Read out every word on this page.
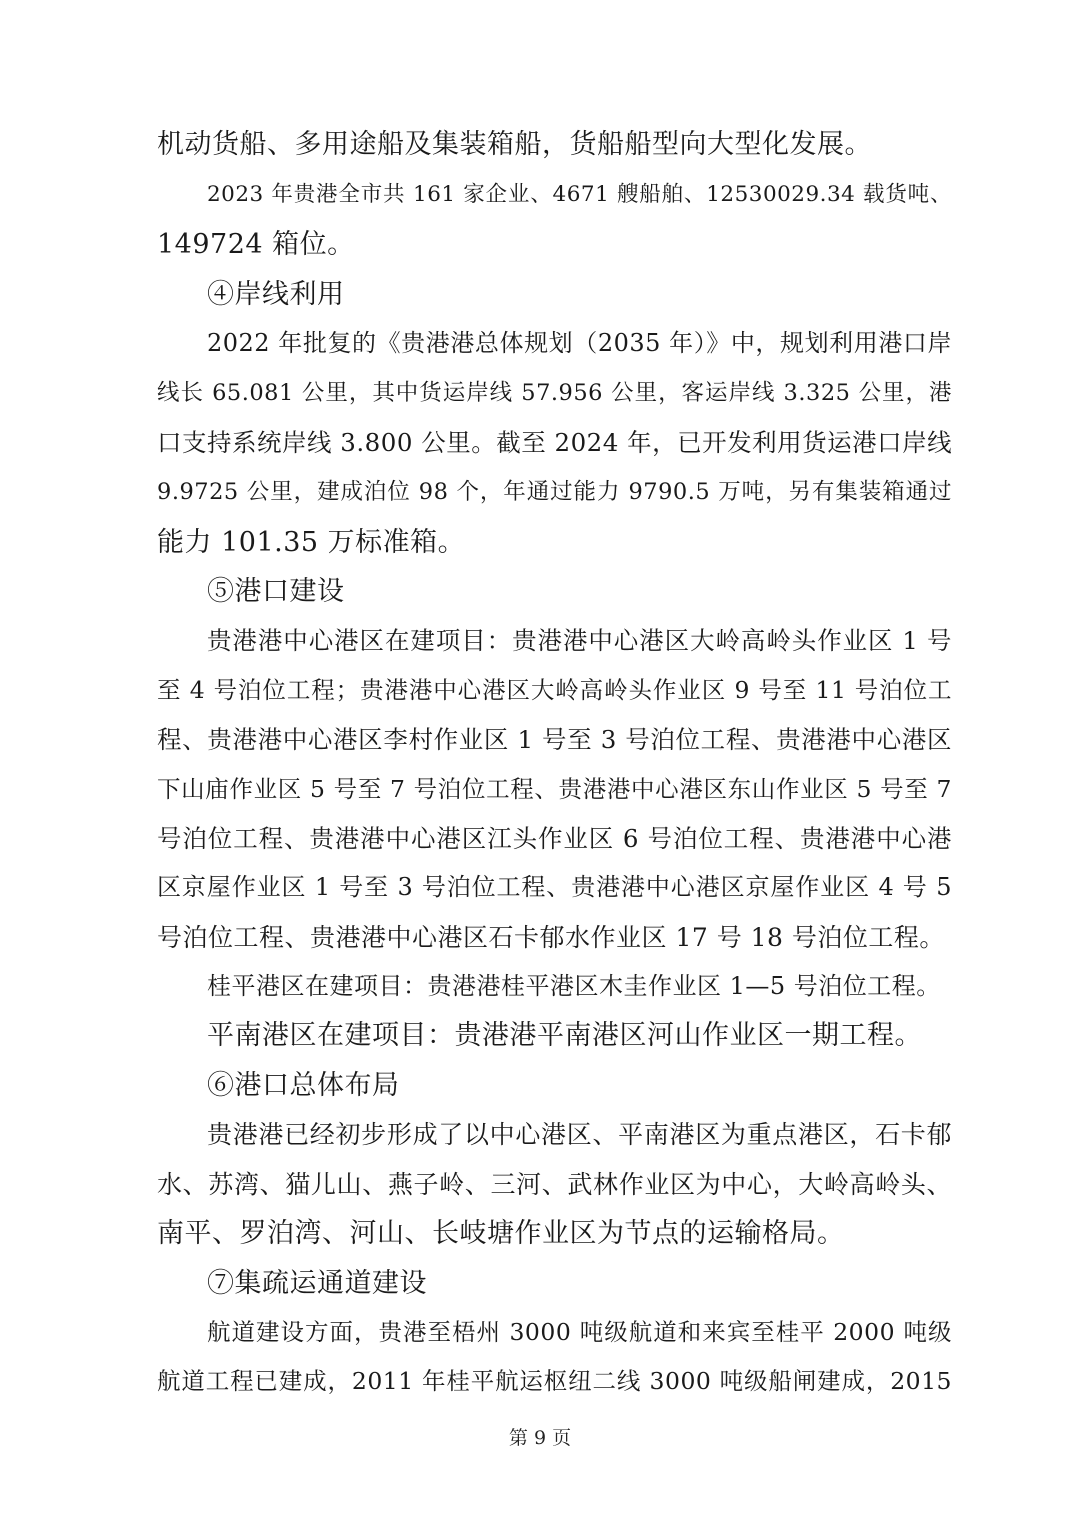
机动货船、多用途船及集装箱船，货船船型向大型化发展。
2023 年贵港全市共 161 家企业、4671 艘船舶、12530029.34 载货吨、
149724 箱位。
④岸线利用
2022 年批复的《贵港港总体规划（2035 年）》中，规划利用港口岸
线长 65.081 公里，其中货运岸线 57.956 公里，客运岸线 3.325 公里，港
口支持系统岸线 3.800 公里。截至 2024 年，已开发利用货运港口岸线
9.9725 公里，建成泊位 98 个，年通过能力 9790.5 万吨，另有集装箱通过
能力 101.35 万标准箱。
⑤港口建设
贵港港中心港区在建项目：贵港港中心港区大岭高岭头作业区 1 号
至 4 号泊位工程；贵港港中心港区大岭高岭头作业区 9 号至 11 号泊位工
程、贵港港中心港区李村作业区 1 号至 3 号泊位工程、贵港港中心港区
下山庙作业区 5 号至 7 号泊位工程、贵港港中心港区东山作业区 5 号至 7
号泊位工程、贵港港中心港区江头作业区 6 号泊位工程、贵港港中心港
区京屋作业区 1 号至 3 号泊位工程、贵港港中心港区京屋作业区 4 号 5
号泊位工程、贵港港中心港区石卡郁水作业区 17 号 18 号泊位工程。
桂平港区在建项目：贵港港桂平港区木圭作业区 1—5 号泊位工程。
平南港区在建项目：贵港港平南港区河山作业区一期工程。
⑥港口总体布局
贵港港已经初步形成了以中心港区、平南港区为重点港区，石卡郁
水、苏湾、猫儿山、燕子岭、三河、武林作业区为中心，大岭高岭头、
南平、罗泊湾、河山、长岐塘作业区为节点的运输格局。
⑦集疏运通道建设
航道建设方面，贵港至梧州 3000 吨级航道和来宾至桂平 2000 吨级
航道工程已建成，2011 年桂平航运枢纽二线 3000 吨级船闸建成，2015
第 9 页
